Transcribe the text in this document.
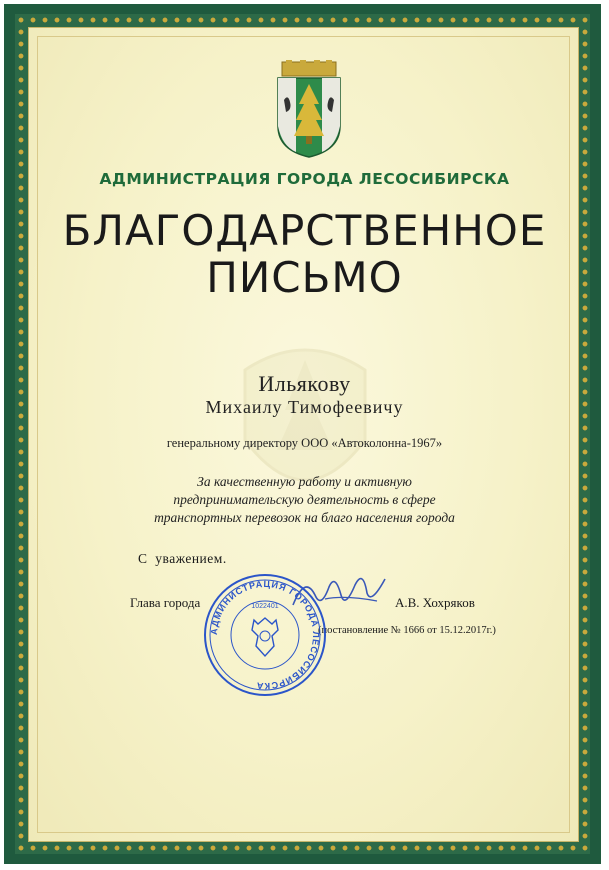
АДМИНИСТРАЦИЯ ГОРОДА ЛЕСОСИБИРСКА
БЛАГОДАРСТВЕННОЕ
ПИСЬМО
Ильякову
Михаилу Тимофеевичу
генеральному директору ООО «Автоколонна-1967»
За качественную работу и активную
предпринимательскую деятельность в сфере
транспортных перевозок на благо населения города
С  уважением.
Глава города	А.В. Хохряков
(постановление № 1666 от 15.12.2017г.)
АДМИНИСТРАЦИЯ ГОРОДА ЛЕСОСИБИРСКА
1022401
